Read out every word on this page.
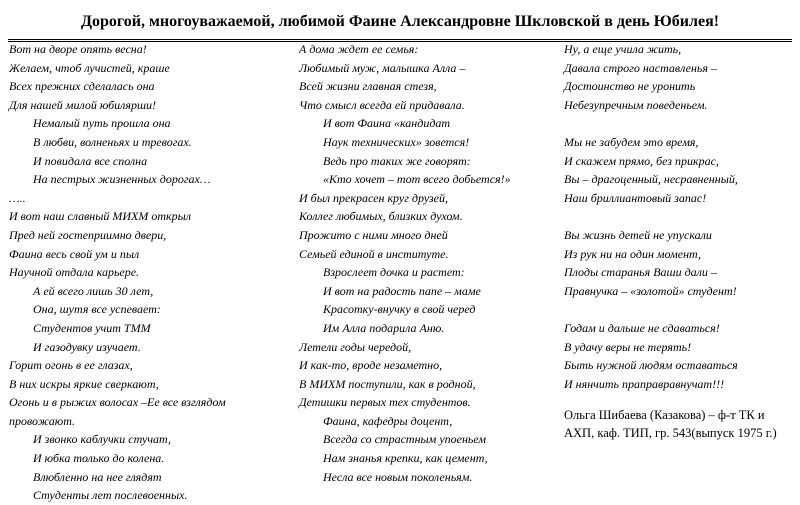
Дорогой, многоуважаемой, любимой Фаине Александровне Шкловской в день Юбилея!
Вот на дворе опять весна!
Желаем, чтоб лучистей, краше
Всех прежних сделалась она
Для нашей милой юбилярши!
Немалый путь прошла она
В любви, волненьях и тревогах.
И повидала все сполна
На пестрых жизненных дорогах…
…..
И вот наш славный МИХМ открыл
Пред ней гостеприимно двери,
Фаина весь свой ум и пыл
Научной отдала карьере.
А ей всего лишь 30 лет,
Она, шутя все успевает:
Студентов учит ТММ
И газодувку изучает.
Горит огонь в ее глазах,
В них искры яркие сверкают,
Огонь и в рыжих волосах –Ее все взглядом
провожают.
И звонко каблучки стучат,
И юбка только до колена.
Влюбленно на нее глядят
Студенты лет послевоенных.
А дома ждет ее семья:
Любимый муж, малышка Алла –
Всей жизни главная стезя,
Что смысл всегда ей придавала.
И вот Фаина «кандидат
Наук технических» зовется!
Ведь про таких же говорят:
«Кто хочет – тот всего добьется!»
И был прекрасен круг друзей,
Коллег любимых, близких духом.
Прожито с ними много дней
Семьей единой в институте.
Взрослеет дочка и растет:
И вот на радость папе – маме
Красотку-внучку в свой черед
Им Алла подарила Аню.
Летели годы чередой,
И как-то, вроде незаметно,
В МИХМ поступили, как в родной,
Детишки первых тех студентов.
Фаина, кафедры доцент,
Всегда со страстным упоеньем
Нам знанья крепки, как цемент,
Несла все новым поколеньям.
Ну, а еще учила жить,
Давала строго наставленья –
Достоинство не уронить
Небезупречным поведеньем.
Мы не забудем это время,
И скажем прямо, без прикрас,
Вы – драгоценный, несравненный,
Наш бриллиантовый запас!
Вы жизнь детей не упускали
Из рук ни на один момент,
Плоды старанья Ваши дали –
Правнучка – «золотой» студент!
Годам и дальше не сдаваться!
В удачу веры не терять!
Быть нужной людям оставаться
И нянчить праправравнучат!!!
Ольга Шибаева (Казакова) – ф-т ТК и АХП, каф. ТИП, гр. 543(выпуск 1975 г.)
